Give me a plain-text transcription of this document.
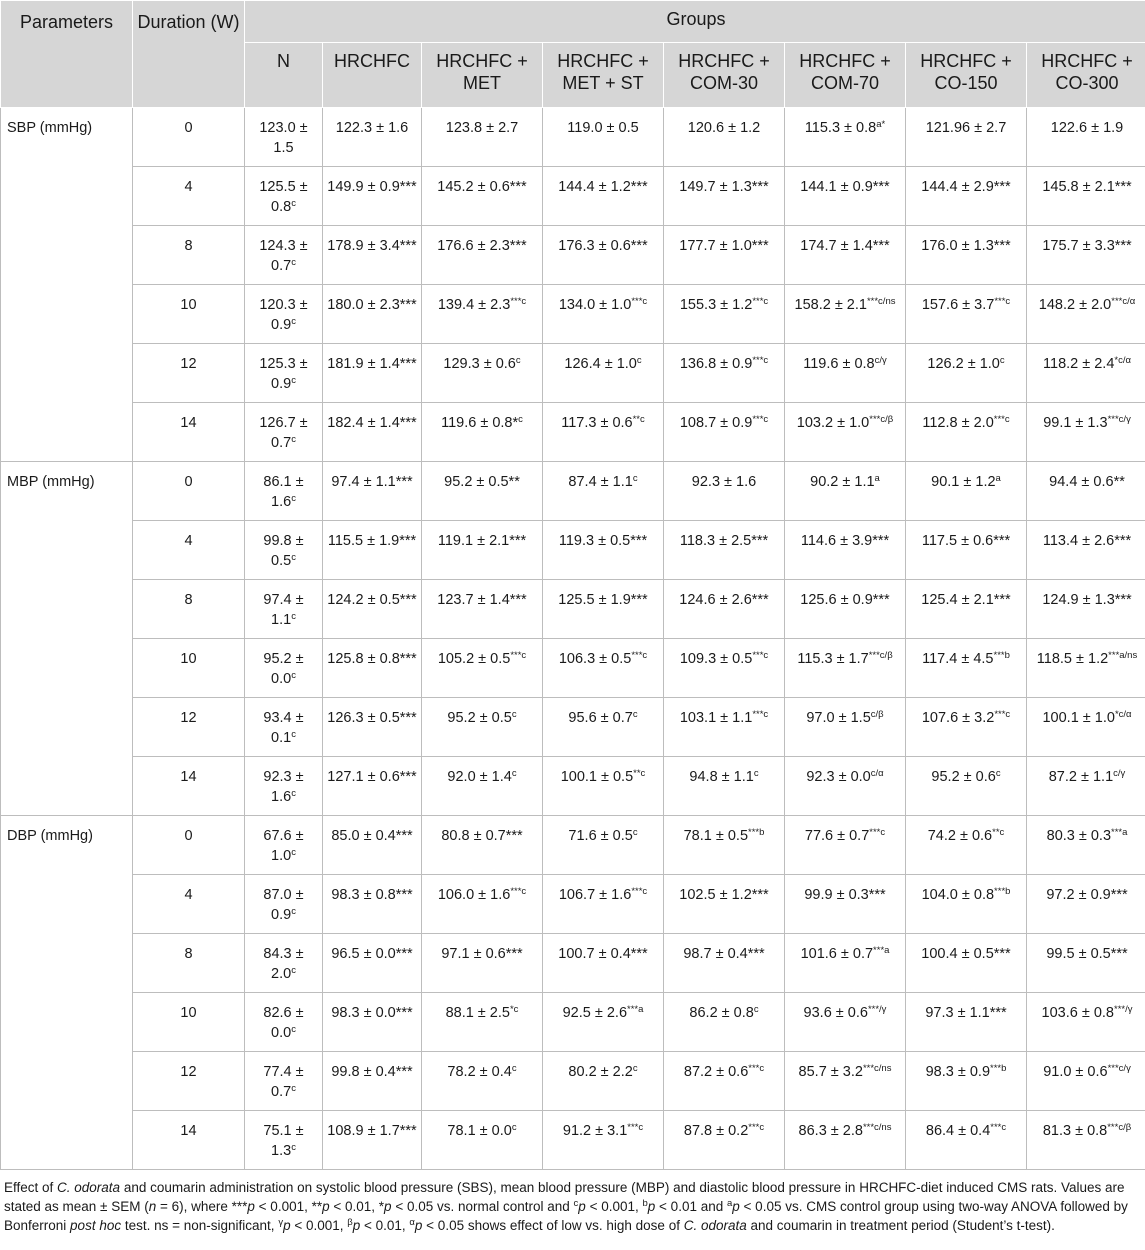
Parameters	Duration (W)	Groups							
		N	HRCHFC	HRCHFC + MET	HRCHFC + MET + ST	HRCHFC + COM-30	HRCHFC + COM-70	HRCHFC + CO-150	HRCHFC + CO-300
SBP (mmHg)	0	123.0 ± 1.5	122.3 ± 1.6	123.8 ± 2.7	119.0 ± 0.5	120.6 ± 1.2	$115.3 \pm 0.8^{a*}$	121.96 ± 2.7	122.6 ± 1.9
	4	125.5 ± 0.8$^c$	149.9 ± 0.9***	145.2 ± 0.6***	144.4 ± 1.2***	149.7 ± 1.3***	144.1 ± 0.9***	144.4 ± 2.9***	145.8 ± 2.1***
	8	124.3 ± 0.7$^c$	178.9 ± 3.4***	176.6 ± 2.3***	176.3 ± 0.6***	177.7 ± 1.0***	174.7 ± 1.4***	176.0 ± 1.3***	175.7 ± 3.3***
	10	120.3 ± 0.9$^c$	180.0 ± 2.3***	$139.4 \pm 2.3^{***c}$	$134.0 \pm 1.0^{***c}$	$155.3 \pm 1.2^{***c}$	$158.2 \pm 2.1^{***c/ns}$	$157.6 \pm 3.7^{***c}$	$148.2 \pm 2.0^{***c/\alpha}$
	12	125.3 ± 0.9$^c$	181.9 ± 1.4***	129.3 ± 0.6$^c$	126.4 ± 1.0$^c$	$136.8 \pm 0.9^{***c}$	$119.6 \pm 0.8^{c/\gamma}$	126.2 ± 1.0$^c$	$118.2 \pm 2.4^{*c/\alpha}$
	14	126.7 ± 0.7$^c$	182.4 ± 1.4***	119.6 ± 0.8*$^c$	$117.3 \pm 0.6^{**c}$	$108.7 \pm 0.9^{***c}$	$103.2 \pm 1.0^{***c/\beta}$	$112.8 \pm 2.0^{***c}$	$99.1 \pm 1.3^{***c/\gamma}$
MBP (mmHg)	0	86.1 ± 1.6$^c$	97.4 ± 1.1***	95.2 ± 0.5**	87.4 ± 1.1$^c$	92.3 ± 1.6	90.2 ± 1.1$^a$	90.1 ± 1.2$^a$	94.4 ± 0.6**
	4	99.8 ± 0.5$^c$	115.5 ± 1.9***	119.1 ± 2.1***	119.3 ± 0.5***	118.3 ± 2.5***	114.6 ± 3.9***	117.5 ± 0.6***	113.4 ± 2.6***
	8	97.4 ± 1.1$^c$	124.2 ± 0.5***	123.7 ± 1.4***	125.5 ± 1.9***	124.6 ± 2.6***	125.6 ± 0.9***	125.4 ± 2.1***	124.9 ± 1.3***
	10	95.2 ± 0.0$^c$	125.8 ± 0.8***	$105.2 \pm 0.5^{***c}$	$106.3 \pm 0.5^{***c}$	$109.3 \pm 0.5^{***c}$	$115.3 \pm 1.7^{***c/\beta}$	$117.4 \pm 4.5^{***b}$	$118.5 \pm 1.2^{***a/ns}$
	12	93.4 ± 0.1$^c$	126.3 ± 0.5***	95.2 ± 0.5$^c$	95.6 ± 0.7$^c$	$103.1 \pm 1.1^{***c}$	$97.0 \pm 1.5^{c/\beta}$	$107.6 \pm 3.2^{***c}$	$100.1 \pm 1.0^{*c/\alpha}$
	14	92.3 ± 1.6$^c$	127.1 ± 0.6***	92.0 ± 1.4$^c$	$100.1 \pm 0.5^{**c}$	94.8 ± 1.1$^c$	$92.3 \pm 0.0^{c/\alpha}$	95.2 ± 0.6$^c$	$87.2 \pm 1.1^{c/\gamma}$
DBP (mmHg)	0	67.6 ± 1.0$^c$	85.0 ± 0.4***	80.8 ± 0.7***	71.6 ± 0.5$^c$	$78.1 \pm 0.5^{***b}$	$77.6 \pm 0.7^{***c}$	$74.2 \pm 0.6^{**c}$	$80.3 \pm 0.3^{***a}$
	4	87.0 ± 0.9$^c$	98.3 ± 0.8***	$106.0 \pm 1.6^{***c}$	$106.7 \pm 1.6^{***c}$	102.5 ± 1.2***	99.9 ± 0.3***	$104.0 \pm 0.8^{***b}$	97.2 ± 0.9***
	8	84.3 ± 2.0$^c$	96.5 ± 0.0***	97.1 ± 0.6***	100.7 ± 0.4***	98.7 ± 0.4***	$101.6 \pm 0.7^{***a}$	100.4 ± 0.5***	99.5 ± 0.5***
	10	82.6 ± 0.0$^c$	98.3 ± 0.0***	$88.1 \pm 2.5^{*c}$	$92.5 \pm 2.6^{***a}$	86.2 ± 0.8$^c$	$93.6 \pm 0.6^{***/\gamma}$	97.3 ± 1.1***	$103.6 \pm 0.8^{***/\gamma}$
	12	77.4 ± 0.7$^c$	99.8 ± 0.4***	78.2 ± 0.4$^c$	80.2 ± 2.2$^c$	$87.2 \pm 0.6^{***c}$	$85.7 \pm 3.2^{***c/ns}$	$98.3 \pm 0.9^{***b}$	$91.0 \pm 0.6^{***c/\gamma}$
	14	75.1 ± 1.3$^c$	108.9 ± 1.7***	78.1 ± 0.0$^c$	$91.2 \pm 3.1^{***c}$	$87.8 \pm 0.2^{***c}$	$86.3 \pm 2.8^{***c/ns}$	$86.4 \pm 0.4^{***c}$	$81.3 \pm 0.8^{***c/\beta}$
Effect of C. odorata and coumarin administration on systolic blood pressure (SBS), mean blood pressure (MBP) and diastolic blood pressure in HRCHFC-diet induced CMS rats. Values are stated as mean ± SEM (n = 6), where ***p < 0.001, **p < 0.01, *p < 0.05 vs. normal control and $^c$p < 0.001, $^b$p < 0.01 and $^a$p < 0.05 vs. CMS control group using two-way ANOVA followed by Bonferroni post hoc test. ns = non-significant, $^\gamma$p < 0.001, $^\beta$p < 0.01, $^\alpha$p < 0.05 shows effect of low vs. high dose of C. odorata and coumarin in treatment period (Student’s t-test).
